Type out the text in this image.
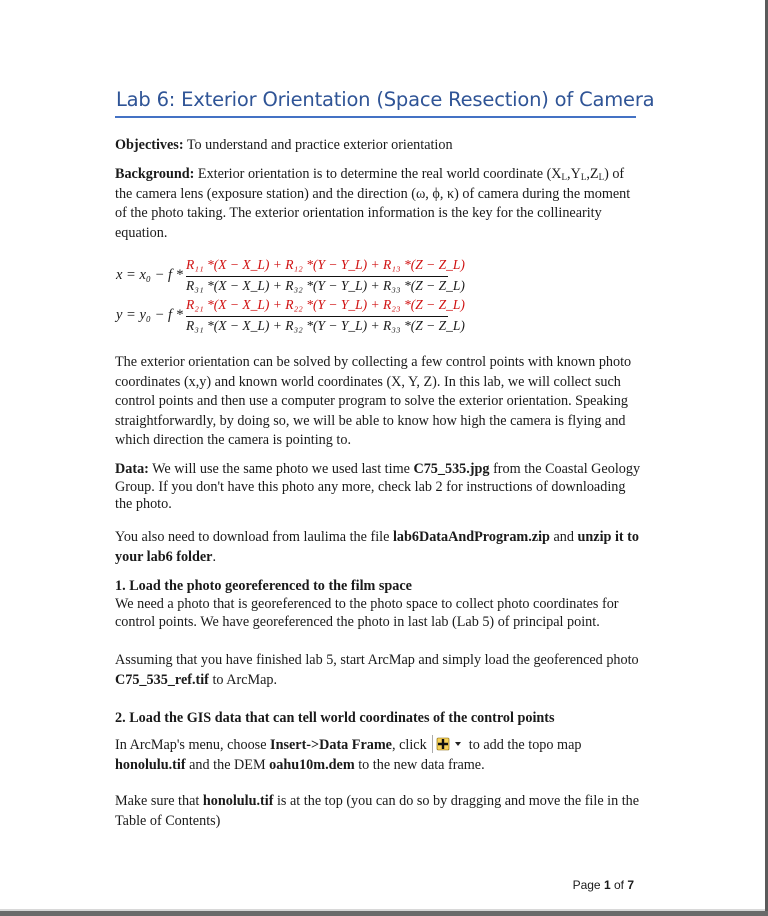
Lab 6: Exterior Orientation (Space Resection) of Camera
Objectives: To understand and practice exterior orientation
Background: Exterior orientation is to determine the real world coordinate $(X_L,Y_L,Z_L)$ of the camera lens (exposure station) and the direction (ω, ϕ, κ) of camera during the moment of the photo taking. The exterior orientation information is the key for the collinearity equation.
x = x₀ − f *
R₁₁ *(X − X_L) + R₁₂ *(Y − Y_L) + R₁₃ *(Z − Z_L)
R₃₁ *(X − X_L) + R₃₂ *(Y − Y_L) + R₃₃ *(Z − Z_L)
y = y₀ − f *
R₂₁ *(X − X_L) + R₂₂ *(Y − Y_L) + R₂₃ *(Z − Z_L)
R₃₁ *(X − X_L) + R₃₂ *(Y − Y_L) + R₃₃ *(Z − Z_L)
The exterior orientation can be solved by collecting a few control points with known photo coordinates (x,y) and known world coordinates (X, Y, Z). In this lab, we will collect such control points and then use a computer program to solve the exterior orientation. Speaking straightforwardly, by doing so, we will be able to know how high the camera is flying and which direction the camera is pointing to.
Data: We will use the same photo we used last time C75_535.jpg from the Coastal Geology Group. If you don't have this photo any more, check lab 2 for instructions of downloading the photo.
You also need to download from laulima the file lab6DataAndProgram.zip and unzip it to your lab6 folder.
1. Load the photo georeferenced to the film space
We need a photo that is georeferenced to the photo space to collect photo coordinates for control points. We have georeferenced the photo in last lab (Lab 5) of principal point.
Assuming that you have finished lab 5, start ArcMap and simply load the geoferenced photo C75_535_ref.tif to ArcMap.
2. Load the GIS data that can tell world coordinates of the control points
In ArcMap's menu, choose Insert->Data Frame, click  to add the topo map honolulu.tif and the DEM oahu10m.dem to the new data frame.
Make sure that honolulu.tif is at the top (you can do so by dragging and move the file in the Table of Contents)
Page 1 of 7
